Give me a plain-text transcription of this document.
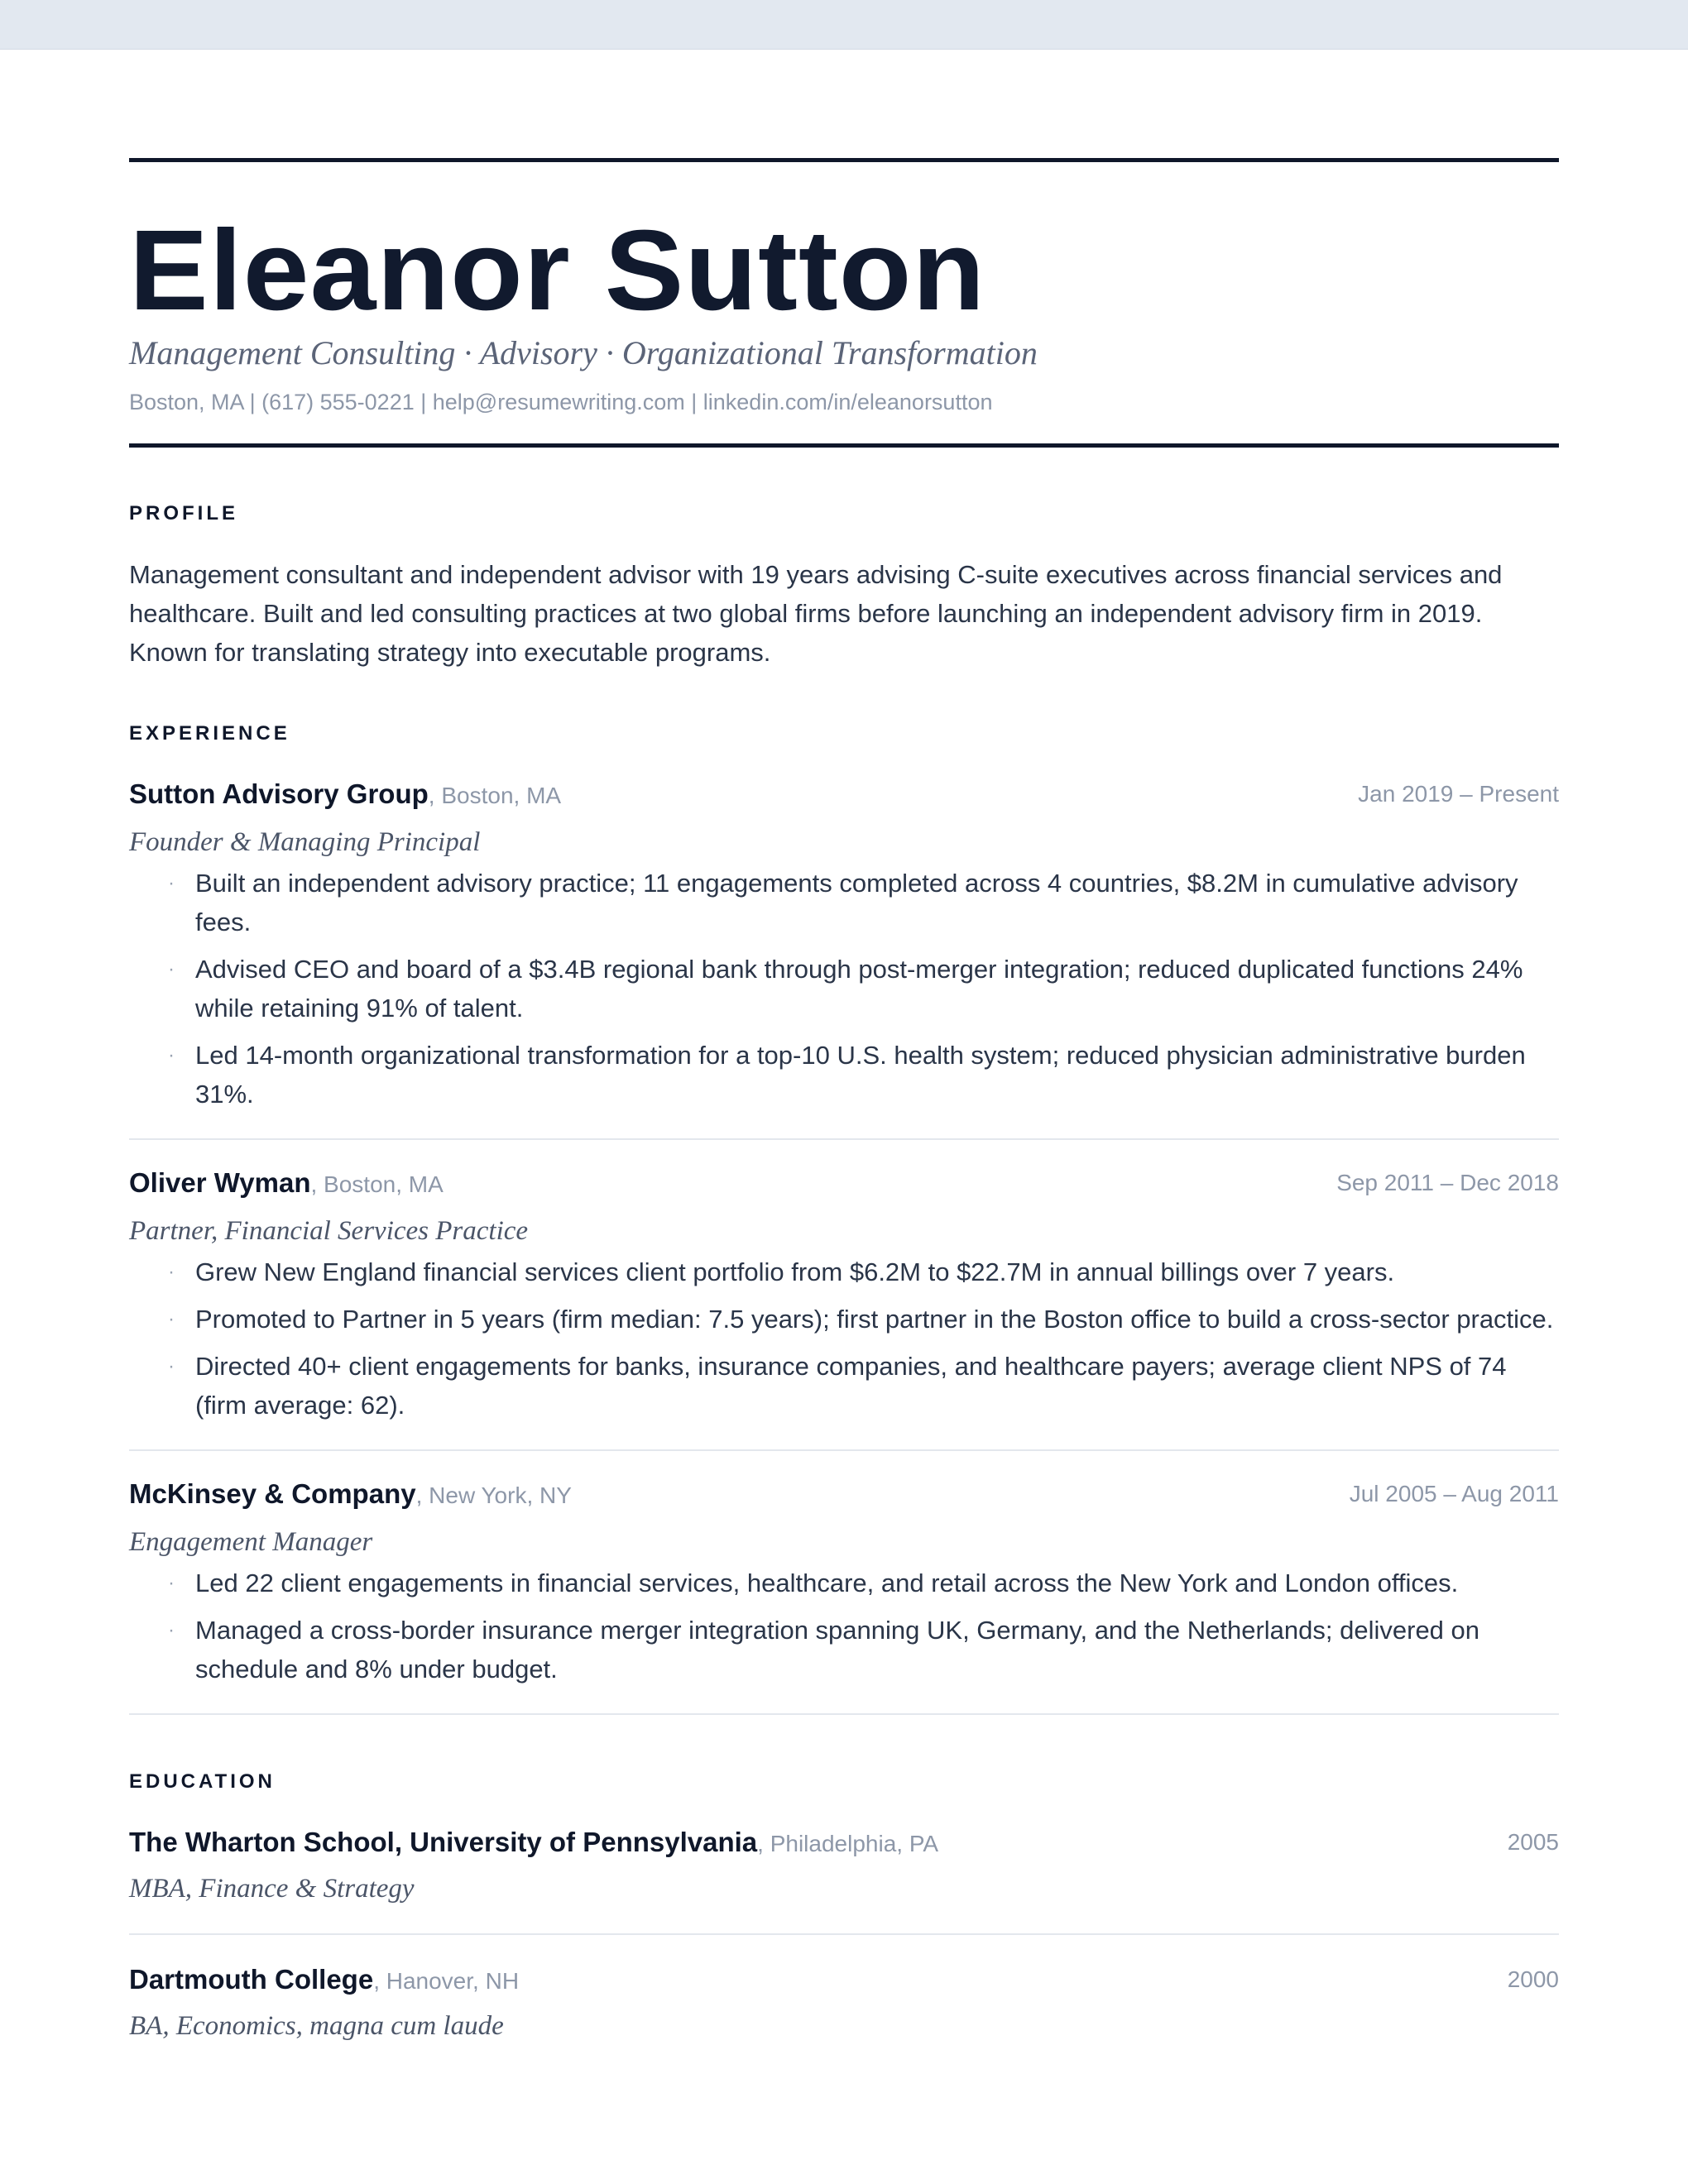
Eleanor Sutton
Management Consulting · Advisory · Organizational Transformation
Boston, MA | (617) 555-0221 | help@resumewriting.com | linkedin.com/in/eleanorsutton
PROFILE
Management consultant and independent advisor with 19 years advising C-suite executives across financial services and healthcare. Built and led consulting practices at two global firms before launching an independent advisory firm in 2019. Known for translating strategy into executable programs.
EXPERIENCE
Sutton Advisory Group, Boston, MA	Jan 2019 – Present
Founder & Managing Principal
· Built an independent advisory practice; 11 engagements completed across 4 countries, $8.2M in cumulative advisory fees.
· Advised CEO and board of a $3.4B regional bank through post-merger integration; reduced duplicated functions 24% while retaining 91% of talent.
· Led 14-month organizational transformation for a top-10 U.S. health system; reduced physician administrative burden 31%.
Oliver Wyman, Boston, MA	Sep 2011 – Dec 2018
Partner, Financial Services Practice
· Grew New England financial services client portfolio from $6.2M to $22.7M in annual billings over 7 years.
· Promoted to Partner in 5 years (firm median: 7.5 years); first partner in the Boston office to build a cross-sector practice.
· Directed 40+ client engagements for banks, insurance companies, and healthcare payers; average client NPS of 74 (firm average: 62).
McKinsey & Company, New York, NY	Jul 2005 – Aug 2011
Engagement Manager
· Led 22 client engagements in financial services, healthcare, and retail across the New York and London offices.
· Managed a cross-border insurance merger integration spanning UK, Germany, and the Netherlands; delivered on schedule and 8% under budget.
EDUCATION
The Wharton School, University of Pennsylvania, Philadelphia, PA	2005
MBA, Finance & Strategy
Dartmouth College, Hanover, NH	2000
BA, Economics, magna cum laude
